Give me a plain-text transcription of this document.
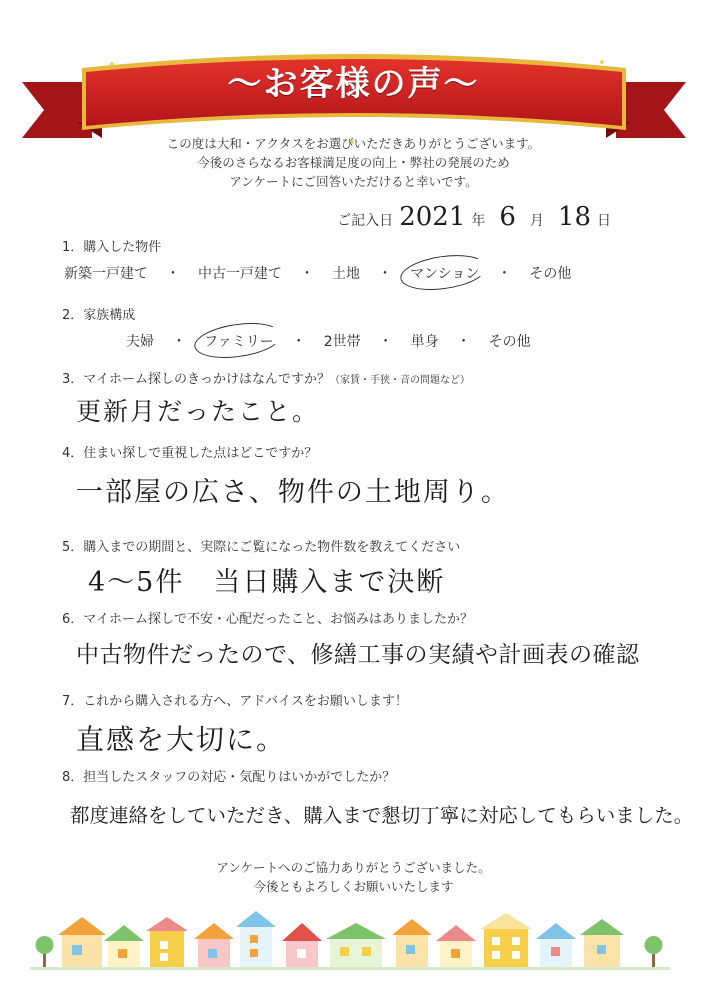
〜お客様の声〜
この度は大和・アクタスをお選びいただきありがとうございます。
今後のさらなるお客様満足度の向上・弊社の発展のため
アンケートにご回答いただけると幸いです。
ご記入日 2021 年 6 月 18 日
1．購入した物件
新築一戸建て ・ 中古一戸建て ・ 土地 ・ マンション ・ その他
2．家族構成
夫婦 ・ ファミリー ・ 2世帯 ・ 単身 ・ その他
3．マイホーム探しのきっかけはなんですか？（家賃・手狭・音の問題など）
更新月だったこと。
4．住まい探しで重視した点はどこですか？
一部屋の広さ、物件の土地周り。
5．購入までの期間と、実際にご覧になった物件数を教えてください
4〜5件　当日購入まで決断
6．マイホーム探しで不安・心配だったこと、お悩みはありましたか？
中古物件だったので、修繕工事の実績や計画表の確認
7．これから購入される方へ、アドバイスをお願いします！
直感を大切に。
8．担当したスタッフの対応・気配りはいかがでしたか？
都度連絡をしていただき、購入まで懇切丁寧に対応してもらいました。
アンケートへのご協力ありがとうございました。
今後ともよろしくお願いいたします
